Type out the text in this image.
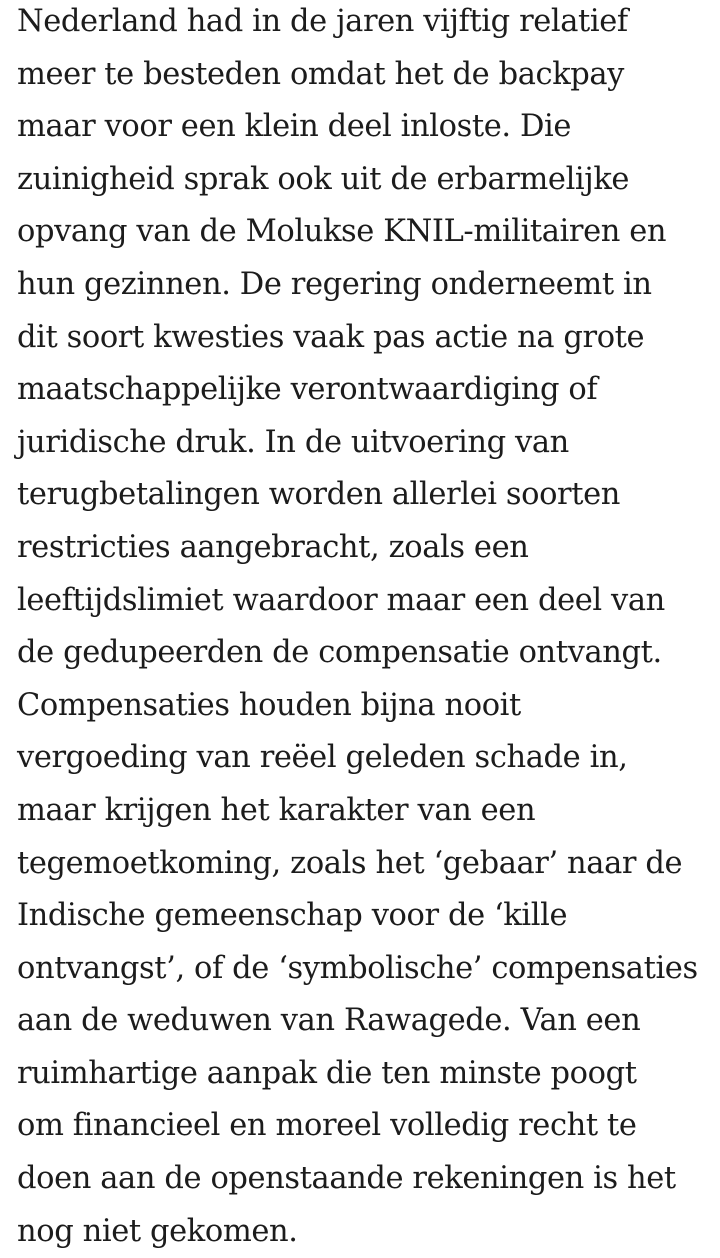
Nederland had in de jaren vijftig relatief
meer te besteden omdat het de backpay
maar voor een klein deel inloste. Die
zuinigheid sprak ook uit de erbarmelijke
opvang van de Molukse KNIL-militairen en
hun gezinnen. De regering onderneemt in
dit soort kwesties vaak pas actie na grote
maatschappelijke verontwaardiging of
juridische druk. In de uitvoering van
terugbetalingen worden allerlei soorten
restricties aangebracht, zoals een
leeftijdslimiet waardoor maar een deel van
de gedupeerden de compensatie ontvangt.
Compensaties houden bijna nooit
vergoeding van reëel geleden schade in,
maar krijgen het karakter van een
tegemoetkoming, zoals het ‘gebaar’ naar de
Indische gemeenschap voor de ‘kille
ontvangst’, of de ‘symbolische’ compensaties
aan de weduwen van Rawagede. Van een
ruimhartige aanpak die ten minste poogt
om financieel en moreel volledig recht te
doen aan de openstaande rekeningen is het
nog niet gekomen.
